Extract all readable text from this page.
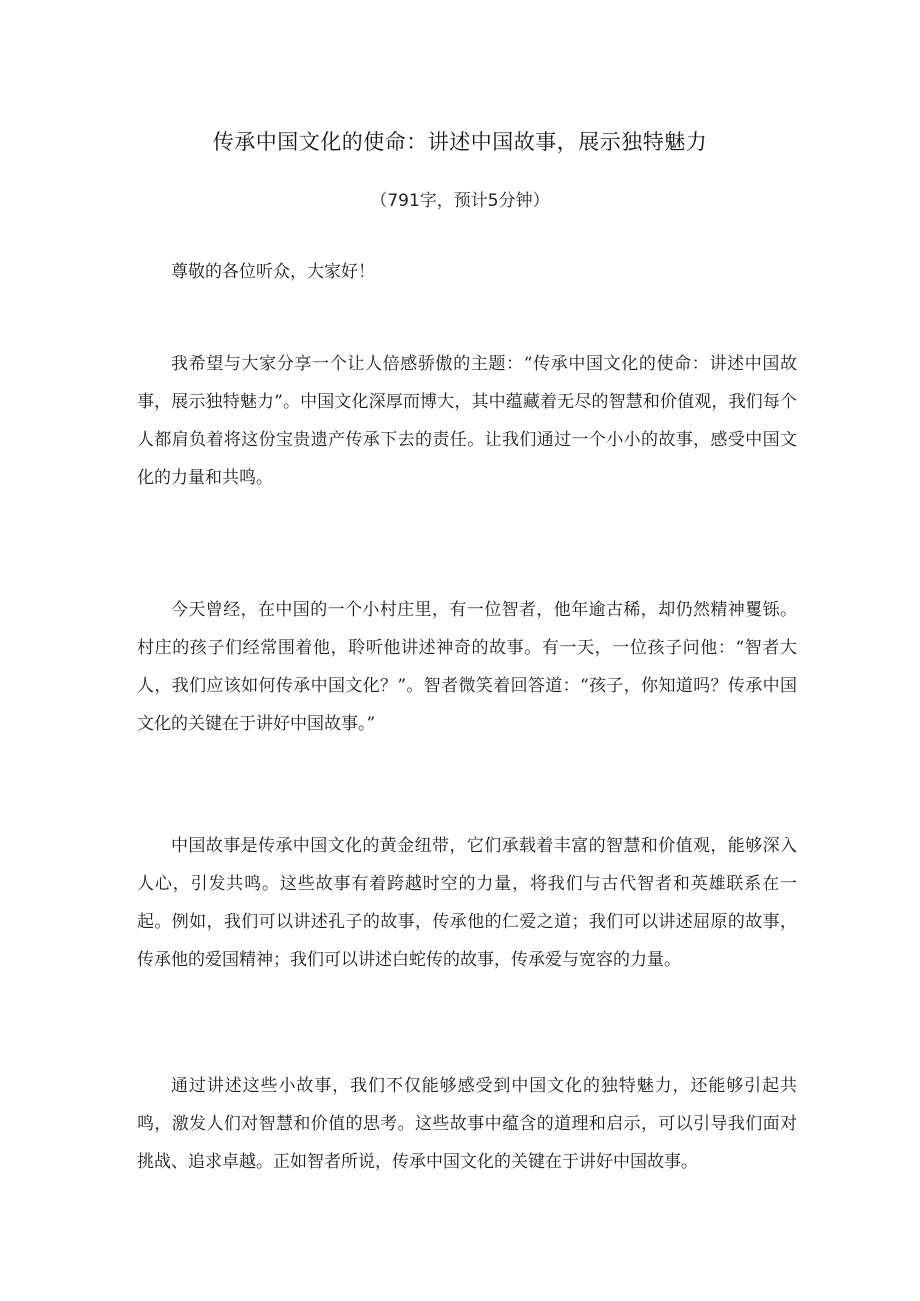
传承中国文化的使命：讲述中国故事，展示独特魅力

（791字，预计5分钟）

尊敬的各位听众，大家好！

我希望与大家分享一个让人倍感骄傲的主题：“传承中国文化的使命：讲述中国故事，展示独特魅力”。中国文化深厚而博大，其中蕴藏着无尽的智慧和价值观，我们每个人都肩负着将这份宝贵遗产传承下去的责任。让我们通过一个小小的故事，感受中国文化的力量和共鸣。

今天曾经，在中国的一个小村庄里，有一位智者，他年逾古稀，却仍然精神矍铄。村庄的孩子们经常围着他，聆听他讲述神奇的故事。有一天，一位孩子问他：“智者大人，我们应该如何传承中国文化？”。智者微笑着回答道：“孩子，你知道吗？传承中国文化的关键在于讲好中国故事。”

中国故事是传承中国文化的黄金纽带，它们承载着丰富的智慧和价值观，能够深入人心，引发共鸣。这些故事有着跨越时空的力量，将我们与古代智者和英雄联系在一起。例如，我们可以讲述孔子的故事，传承他的仁爱之道；我们可以讲述屈原的故事，传承他的爱国精神；我们可以讲述白蛇传的故事，传承爱与宽容的力量。

通过讲述这些小故事，我们不仅能够感受到中国文化的独特魅力，还能够引起共鸣，激发人们对智慧和价值的思考。这些故事中蕴含的道理和启示，可以引导我们面对挑战、追求卓越。正如智者所说，传承中国文化的关键在于讲好中国故事。
